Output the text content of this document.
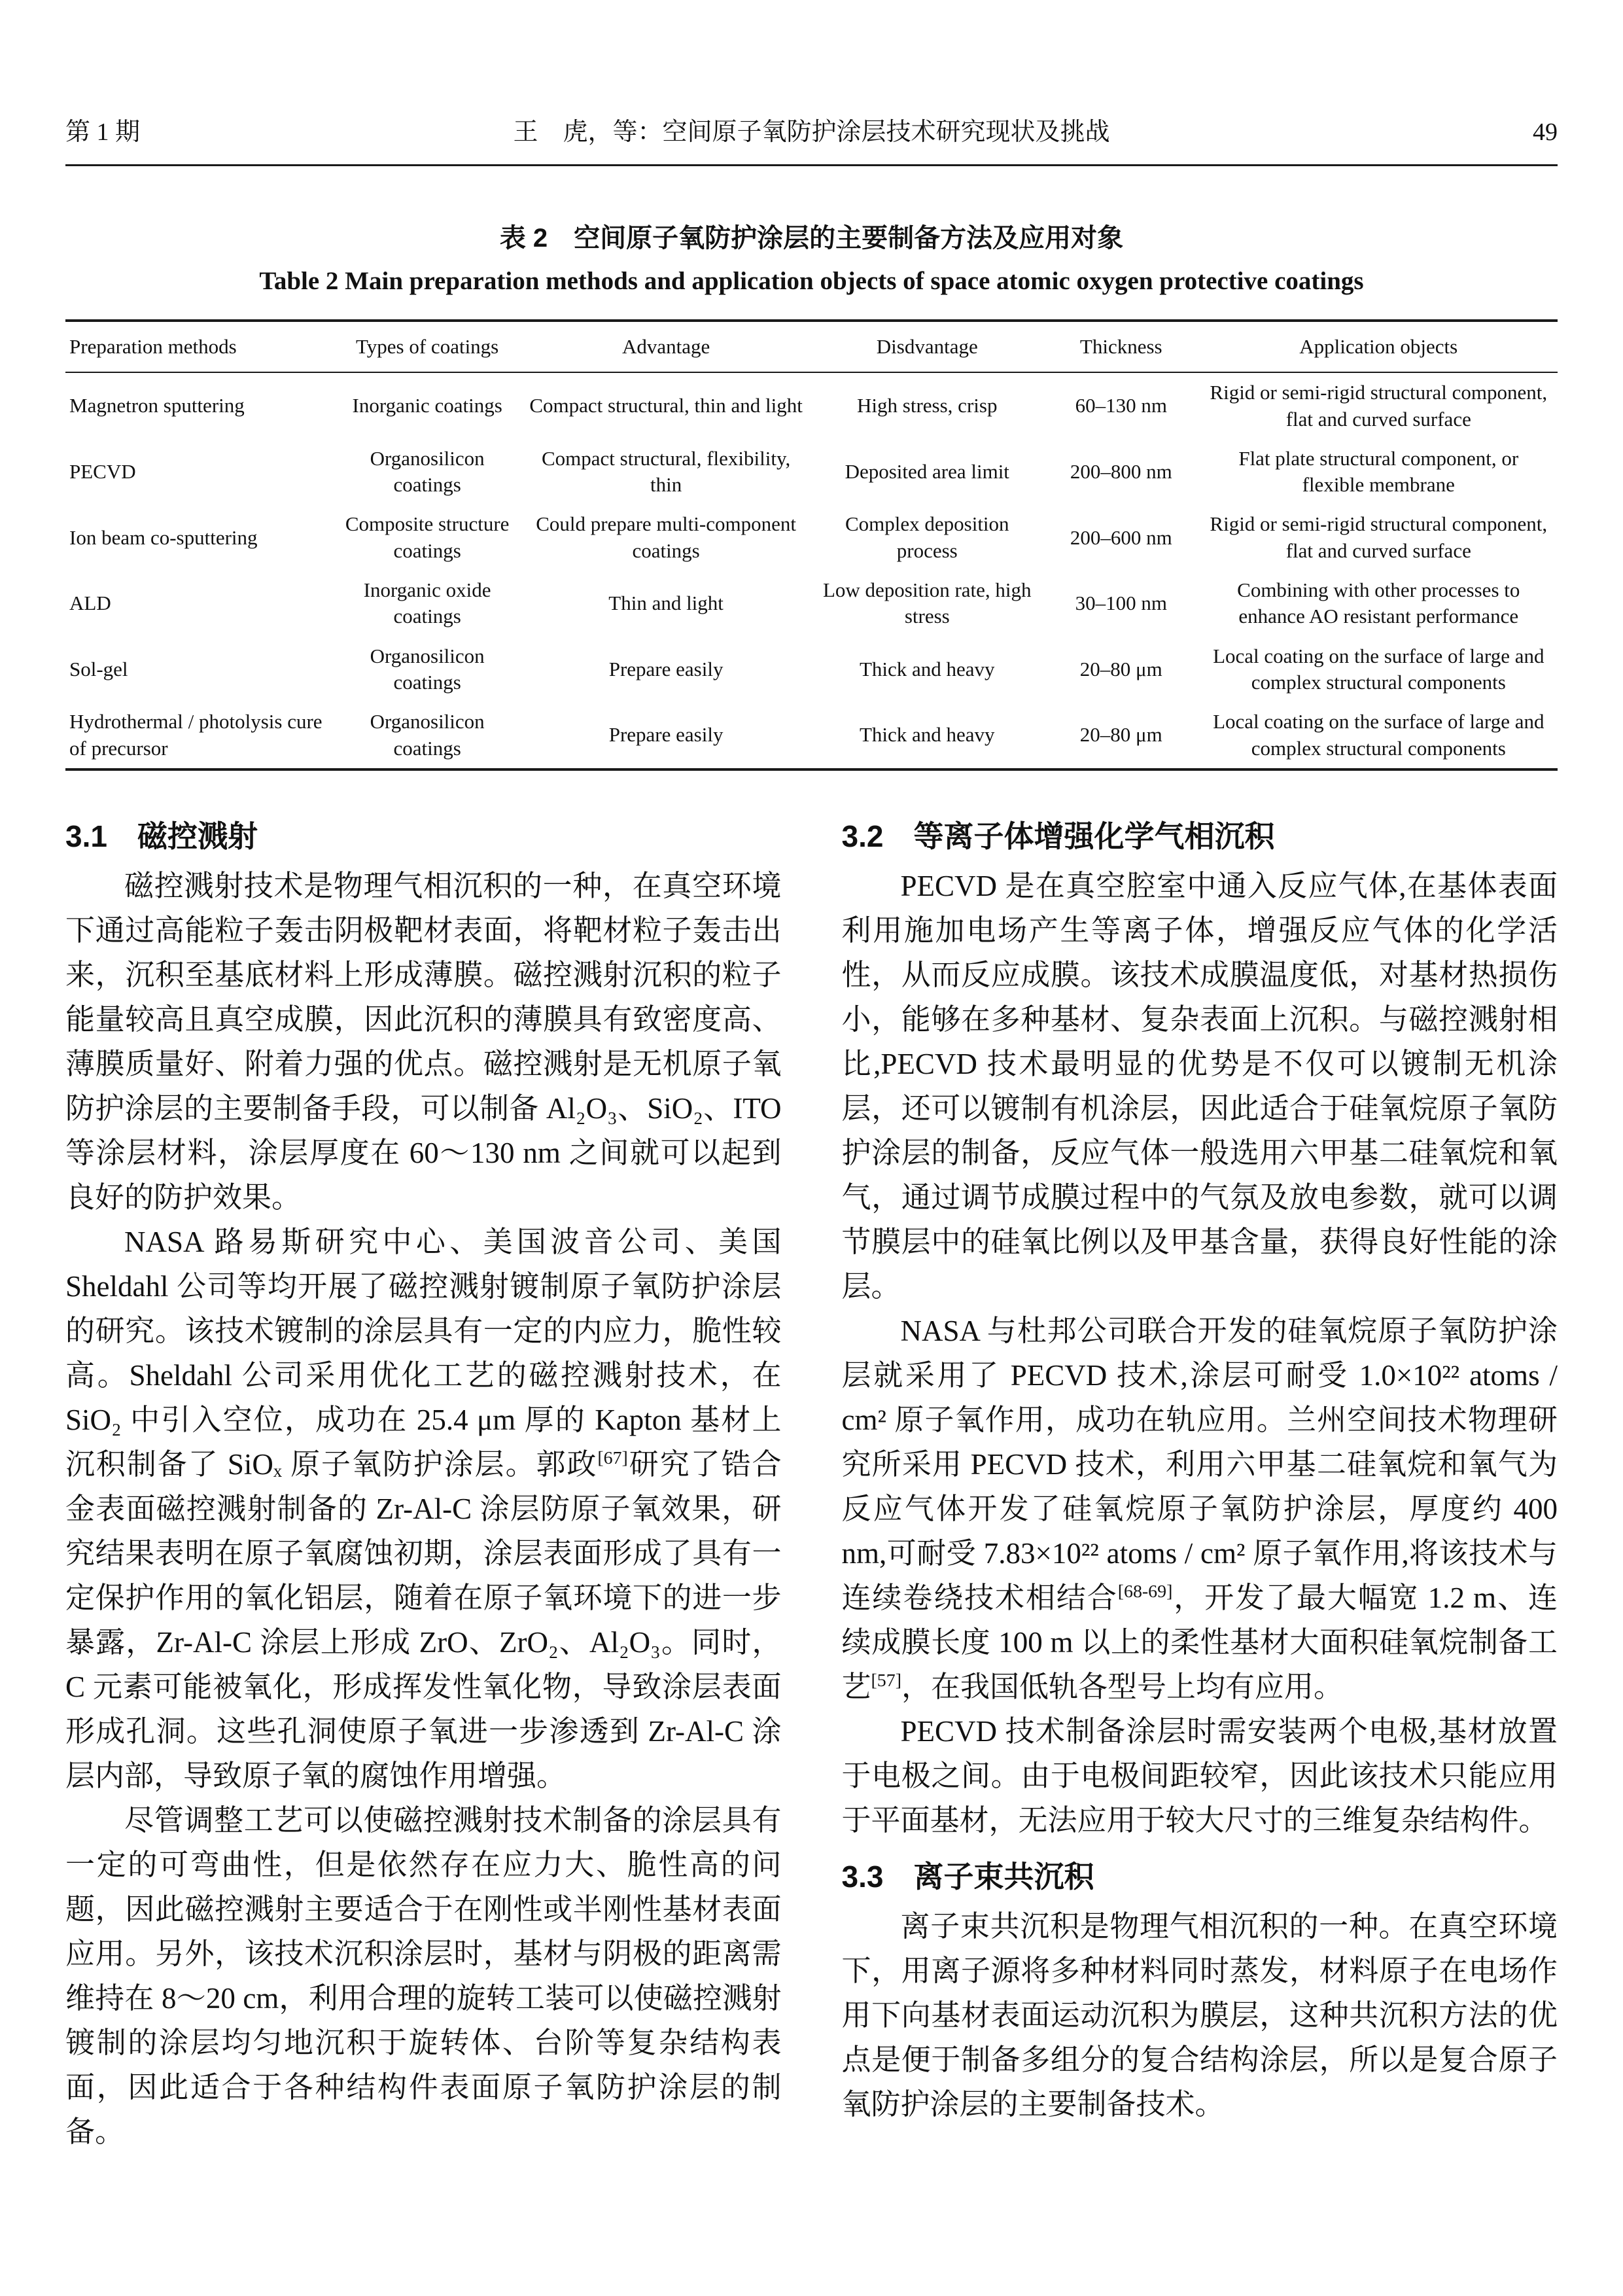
第 1 期	王　虎，等：空间原子氧防护涂层技术研究现状及挑战	49
表 2　空间原子氧防护涂层的主要制备方法及应用对象
Table 2 Main preparation methods and application objects of space atomic oxygen protective coatings
Preparation methods	Types of coatings	Advantage	Disdvantage	Thickness	Application objects
Magnetron sputtering	Inorganic coatings	Compact structural, thin and light	High stress, crisp	60–130 nm	Rigid or semi-rigid structural component, flat and curved surface
PECVD	Organosilicon coatings	Compact structural, flexibility, thin	Deposited area limit	200–800 nm	Flat plate structural component, or flexible membrane
Ion beam co-sputtering	Composite structure coatings	Could prepare multi-component coatings	Complex deposition process	200–600 nm	Rigid or semi-rigid structural component, flat and curved surface
ALD	Inorganic oxide coatings	Thin and light	Low deposition rate, high stress	30–100 nm	Combining with other processes to enhance AO resistant performance
Sol-gel	Organosilicon coatings	Prepare easily	Thick and heavy	20–80 μm	Local coating on the surface of large and complex structural components
Hydrothermal / photolysis cure of precursor	Organosilicon coatings	Prepare easily	Thick and heavy	20–80 μm	Local coating on the surface of large and complex structural components
3.1　磁控溅射

磁控溅射技术是物理气相沉积的一种，在真空环境下通过高能粒子轰击阴极靶材表面，将靶材粒子轰击出来，沉积至基底材料上形成薄膜。磁控溅射沉积的粒子能量较高且真空成膜，因此沉积的薄膜具有致密度高、薄膜质量好、附着力强的优点。磁控溅射是无机原子氧防护涂层的主要制备手段，可以制备 Al₂O₃、SiO₂、ITO 等涂层材料，涂层厚度在 60～130 nm 之间就可以起到良好的防护效果。

NASA 路易斯研究中心、美国波音公司、美国 Sheldahl 公司等均开展了磁控溅射镀制原子氧防护涂层的研究。该技术镀制的涂层具有一定的内应力，脆性较高。Sheldahl 公司采用优化工艺的磁控溅射技术，在 SiO₂ 中引入空位，成功在 25.4 μm 厚的 Kapton 基材上沉积制备了 SiOₓ 原子氧防护涂层。郭政[67]研究了锆合金表面磁控溅射制备的 Zr-Al-C 涂层防原子氧效果，研究结果表明在原子氧腐蚀初期，涂层表面形成了具有一定保护作用的氧化铝层，随着在原子氧环境下的进一步暴露，Zr-Al-C 涂层上形成 ZrO、ZrO₂、Al₂O₃。同时，C 元素可能被氧化，形成挥发性氧化物，导致涂层表面形成孔洞。这些孔洞使原子氧进一步渗透到 Zr-Al-C 涂层内部，导致原子氧的腐蚀作用增强。

尽管调整工艺可以使磁控溅射技术制备的涂层具有一定的可弯曲性，但是依然存在应力大、脆性高的问题，因此磁控溅射主要适合于在刚性或半刚性基材表面应用。另外，该技术沉积涂层时，基材与阴极的距离需维持在 8～20 cm，利用合理的旋转工装可以使磁控溅射镀制的涂层均匀地沉积于旋转体、台阶等复杂结构表面，因此适合于各种结构件表面原子氧防护涂层的制备。

3.2　等离子体增强化学气相沉积

PECVD 是在真空腔室中通入反应气体,在基体表面利用施加电场产生等离子体，增强反应气体的化学活性，从而反应成膜。该技术成膜温度低，对基材热损伤小，能够在多种基材、复杂表面上沉积。与磁控溅射相比,PECVD 技术最明显的优势是不仅可以镀制无机涂层，还可以镀制有机涂层，因此适合于硅氧烷原子氧防护涂层的制备，反应气体一般选用六甲基二硅氧烷和氧气，通过调节成膜过程中的气氛及放电参数，就可以调节膜层中的硅氧比例以及甲基含量，获得良好性能的涂层。

NASA 与杜邦公司联合开发的硅氧烷原子氧防护涂层就采用了 PECVD 技术,涂层可耐受 1.0×10²² atoms / cm² 原子氧作用，成功在轨应用。兰州空间技术物理研究所采用 PECVD 技术，利用六甲基二硅氧烷和氧气为反应气体开发了硅氧烷原子氧防护涂层，厚度约 400 nm,可耐受 7.83×10²² atoms / cm² 原子氧作用,将该技术与连续卷绕技术相结合[68-69]，开发了最大幅宽 1.2 m、连续成膜长度 100 m 以上的柔性基材大面积硅氧烷制备工艺[57]，在我国低轨各型号上均有应用。

PECVD 技术制备涂层时需安装两个电极,基材放置于电极之间。由于电极间距较窄，因此该技术只能应用于平面基材，无法应用于较大尺寸的三维复杂结构件。

3.3　离子束共沉积

离子束共沉积是物理气相沉积的一种。在真空环境下，用离子源将多种材料同时蒸发，材料原子在电场作用下向基材表面运动沉积为膜层，这种共沉积方法的优点是便于制备多组分的复合结构涂层，所以是复合原子氧防护涂层的主要制备技术。
